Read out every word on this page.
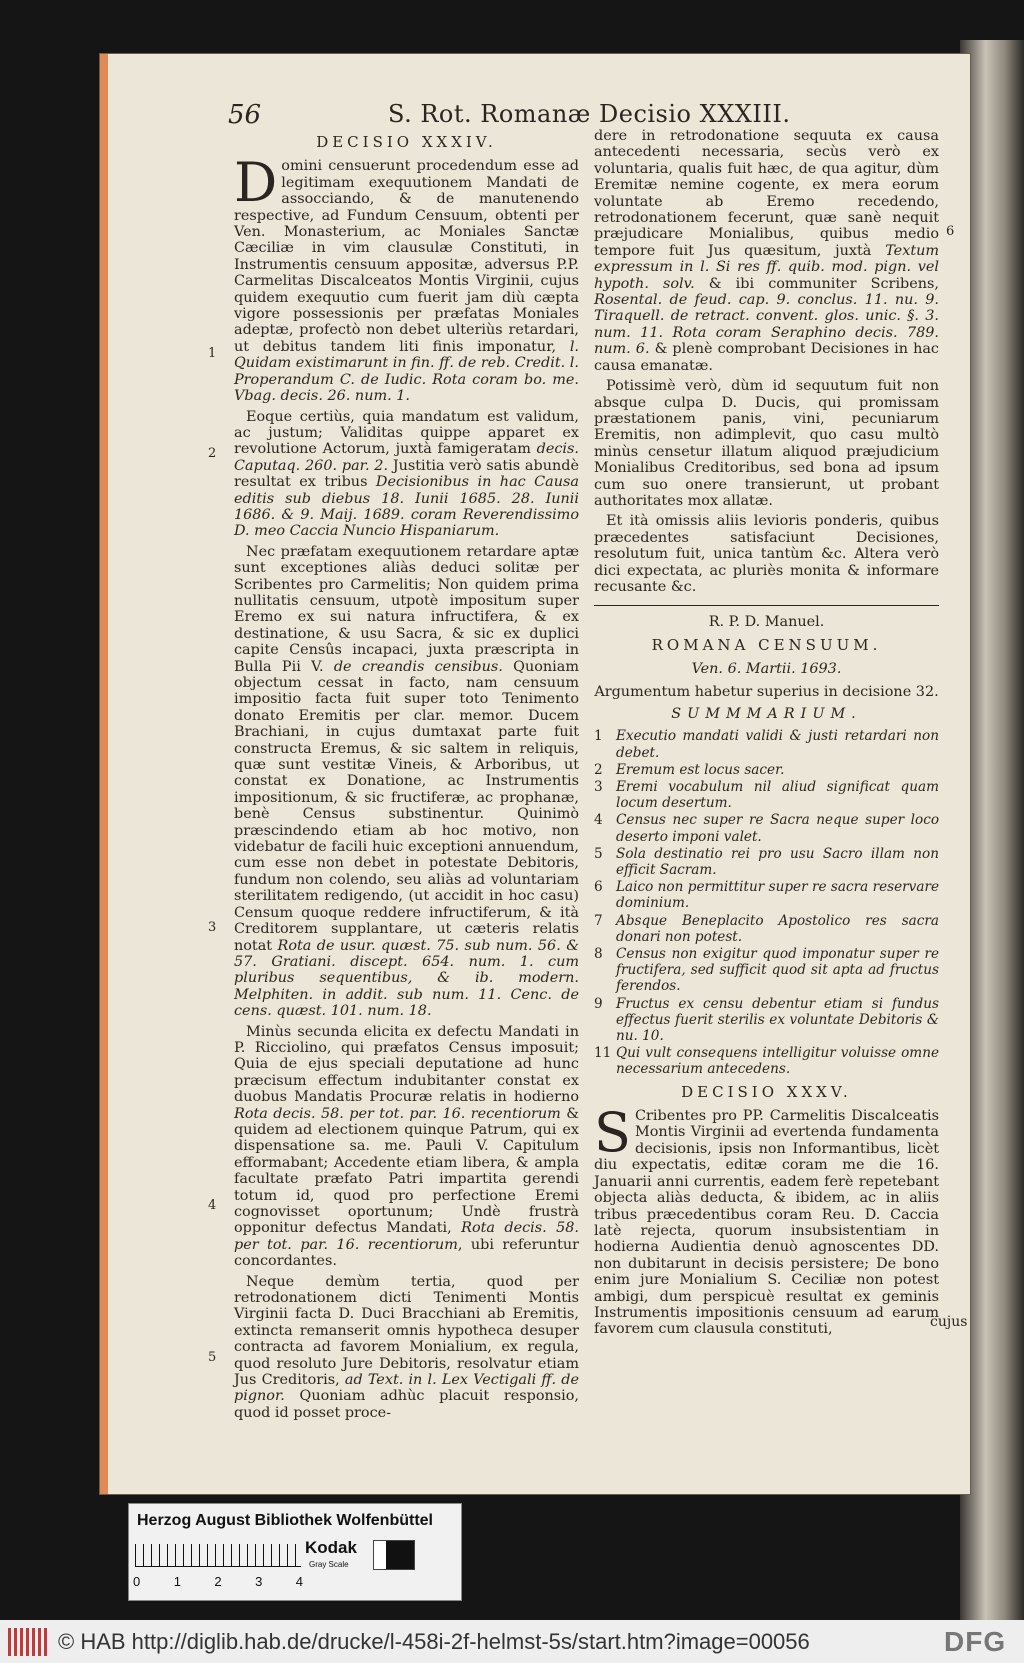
56	S. Rot. Romanæ Decisio XXXIII.
DECISIO XXXIV.

Domini censuerunt procedendum esse ad legitimam exequutionem Mandati de assocciando, & de manutenendo respective, ad Fundum Censuum, obtenti per Ven. Monasterium, ac Moniales Sanctæ Cæciliæ in vim clausulæ Constituti, in Instrumentis censuum appositæ, adversus P.P. Carmelitas Discalceatos Montis Virginii, cujus quidem exequutio cum fuerit jam diù cæpta vigore possessionis per præfatas Moniales adeptæ, profectò non debet ulteriùs retardari, ut debitus tandem liti finis imponatur, l. Quidam existimarunt in fin. ff. de reb. Credit. l. Properandum C. de Iudic. Rota coram bo. me. Vbag. decis. 26. num. 1.

Eoque certiùs, quia mandatum est validum, ac justum; Validitas quippe apparet ex revolutione Actorum, juxtà famigeratam decis. Caputaq. 260. par. 2. Justitia verò satis abundè resultat ex tribus Decisionibus in hac Causa editis sub diebus 18. Iunii 1685. 28. Iunii 1686. & 9. Maij. 1689. coram Reverendissimo D. meo Caccia Nuncio Hispaniarum.

Nec præfatam exequutionem retardare aptæ sunt exceptiones aliàs deduci solitæ per Scribentes pro Carmelitis; Non quidem prima nullitatis censuum, utpotè impositum super Eremo ex sui natura infructifera, & ex destinatione, & usu Sacra, & sic ex duplici capite Censûs incapaci, juxta præscripta in Bulla Pii V. de creandis censibus. Quoniam objectum cessat in facto, nam censuum impositio facta fuit super toto Tenimento donato Eremitis per clar. memor. Ducem Brachiani, in cujus dumtaxat parte fuit constructa Eremus, & sic saltem in reliquis, quæ sunt vestitæ Vineis, & Arboribus, ut constat ex Donatione, ac Instrumentis impositionum, & sic fructiferæ, ac prophanæ, benè Census substinentur. Quinimò præscindendo etiam ab hoc motivo, non videbatur de facili huic exceptioni annuendum, cum esse non debet in potestate Debitoris, fundum non colendo, seu aliàs ad voluntariam sterilitatem redigendo, (ut accidit in hoc casu) Censum quoque reddere infructiferum, & ità Creditorem supplantare, ut cæteris relatis notat Rota de usur. quæst. 75. sub num. 56. & 57. Gratiani. discept. 654. num. 1. cum pluribus sequentibus, & ib. modern. Melphiten. in addit. sub num. 11. Cenc. de cens. quæst. 101. num. 18.

Minùs secunda elicita ex defectu Mandati in P. Ricciolino, qui præfatos Census imposuit; Quia de ejus speciali deputatione ad hunc præcisum effectum indubitanter constat ex duobus Mandatis Procuræ relatis in hodierno Rota decis. 58. per tot. par. 16. recentiorum & quidem ad electionem quinque Patrum, qui ex dispensatione sa. me. Pauli V. Capitulum efformabant; Accedente etiam libera, & ampla facultate præfato Patri impartita gerendi totum id, quod pro perfectione Eremi cognovisset oportunum; Undè frustrà opponitur defectus Mandati, Rota decis. 58. per tot. par. 16. recentiorum, ubi referuntur concordantes.

Neque demùm tertia, quod per retrodonationem dicti Tenimenti Montis Virginii facta D. Duci Bracchiani ab Eremitis, extincta remanserit omnis hypotheca desuper contracta ad favorem Monialium, ex regula, quod resoluto Jure Debitoris, resolvatur etiam Jus Creditoris, ad Text. in l. Lex Vectigali ff. de pignor. Quoniam adhùc placuit responsio, quod id posset proce-

1
2
3
4
5
6

dere in retrodonatione sequuta ex causa antecedenti necessaria, secùs verò ex voluntaria, qualis fuit hæc, de qua agitur, dùm Eremitæ nemine cogente, ex mera eorum voluntate ab Eremo recedendo, retrodonationem fecerunt, quæ sanè nequit præjudicare Monialibus, quibus medio tempore fuit Jus quæsitum, juxtà Textum expressum in l. Si res ff. quib. mod. pign. vel hypoth. solv. & ibi communiter Scribens, Rosental. de feud. cap. 9. conclus. 11. nu. 9. Tiraquell. de retract. convent. glos. unic. §. 3. num. 11. Rota coram Seraphino decis. 789. num. 6. & plenè comprobant Decisiones in hac causa emanatæ.

Potissimè verò, dùm id sequutum fuit non absque culpa D. Ducis, qui promissam præstationem panis, vini, pecuniarum Eremitis, non adimplevit, quo casu multò minùs censetur illatum aliquod præjudicium Monialibus Creditoribus, sed bona ad ipsum cum suo onere transierunt, ut probant authoritates mox allatæ.

Et ità omissis aliis levioris ponderis, quibus præcedentes satisfaciunt Decisiones, resolutum fuit, unica tantùm &c. Altera verò dici expectata, ac pluriès monita & informare recusante &c.

R. P. D. Manuel.
ROMANA CENSUUM.
Ven. 6. Martii. 1693.
Argumentum habetur superius in decisione 32.
SUMMMARIUM.
1 Executio mandati validi & justi retardari non debet.
2 Eremum est locus sacer.
3 Eremi vocabulum nil aliud significat quam locum desertum.
4 Census nec super re Sacra neque super loco deserto imponi valet.
5 Sola destinatio rei pro usu Sacro illam non efficit Sacram.
6 Laico non permittitur super re sacra reservare dominium.
7 Absque Beneplacito Apostolico res sacra donari non potest.
8 Census non exigitur quod imponatur super re fructifera, sed sufficit quod sit apta ad fructus ferendos.
9 Fructus ex censu debentur etiam si fundus effectus fuerit sterilis ex voluntate Debitoris & nu. 10.
11 Qui vult consequens intelligitur voluisse omne necessarium antecedens.
DECISIO XXXV.

S Cribentes pro PP. Carmelitis Discalceatis Montis Virginii ad evertenda fundamenta decisionis, ipsis non Informantibus, licèt diu expectatis, editæ coram me die 16. Januarii anni currentis, eadem ferè repetebant objecta aliàs deducta, & ibidem, ac in aliis tribus præcedentibus coram Reu. D. Caccia latè rejecta, quorum insubsistentiam in hodierna Audientia denuò agnoscentes DD. non dubitarunt in decisis persistere; De bono enim jure Monialium S. Ceciliæ non potest ambigi, dum perspicuè resultat ex geminis Instrumentis impositionis censuum ad earum favorem cum clausula constituti,	cujus
Herzog August Bibliothek Wolfenbüttel
Kodak
Gray Scale
0	1	2	3	4
© HAB http://diglib.hab.de/drucke/l-458i-2f-helmst-5s/start.htm?image=00056	DFG
